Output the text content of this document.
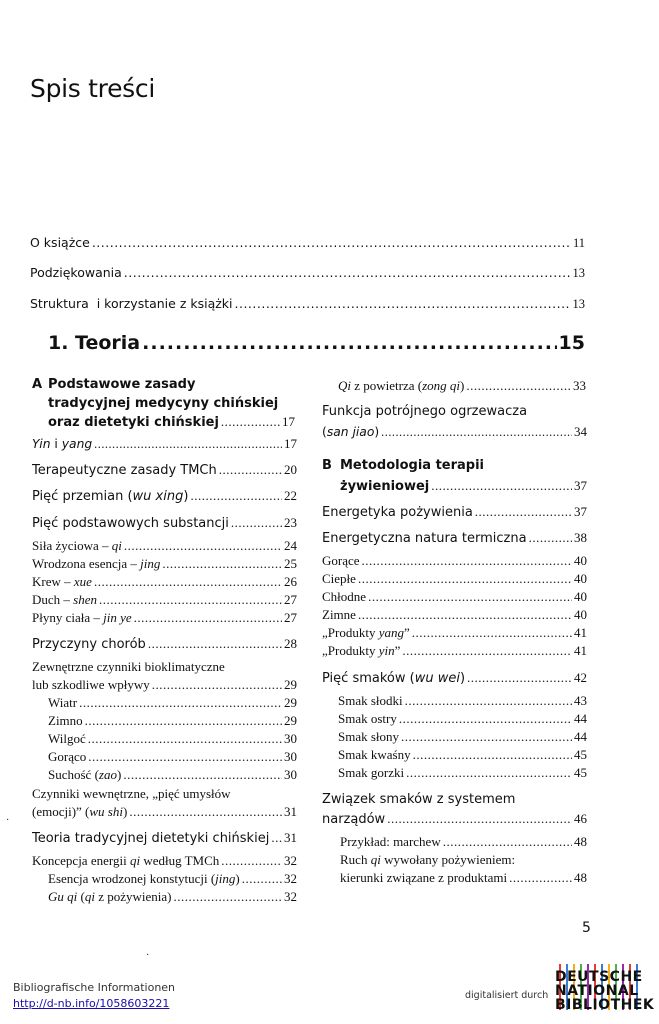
Spis treści
O książce .....	11
Podziękowania .....	13
Struktura  i korzystanie z książki .....	13
1. Teoria .....	15
A Podstawowe zasady
tradycyjnej medycyny chińskiej
oraz dietetyki chińskiej .....	17
Yin i yang .....	17
Terapeutyczne zasady TMCh .....	20
Pięć przemian (wu xing) .....	22
Pięć podstawowych substancji .....	23
Siła życiowa – qi .....	24
Wrodzona esencja – jing .....	25
Krew – xue .....	26
Duch – shen .....	27
Płyny ciała – jin ye .....	27
Przyczyny chorób .....	28
Zewnętrzne czynniki bioklimatyczne
lub szkodliwe wpływy .....	29
Wiatr .....	29
Zimno .....	29
Wilgoć .....	30
Gorąco .....	30
Suchość (zao) .....	30
Czynniki wewnętrzne, „pięć umysłów
(emocji)” (wu shi) .....	31
Teoria tradycyjnej dietetyki chińskiej ..... 31
Koncepcja energii qi według TMCh .....	32
Esencja wrodzonej konstytucji (jing) .....	32
Gu qi (qi z pożywienia) .....	32
Qi z powietrza (zong qi) .....	33
Funkcja potrójnego ogrzewacza
(san jiao) .....	34
B Metodologia terapii
żywieniowej .....	37
Energetyka pożywienia .....	37
Energetyczna natura termiczna .....	38
Gorące .....	40
Ciepłe .....	40
Chłodne .....	40
Zimne .....	40
„Produkty yang” .....	41
„Produkty yin” .....	41
Pięć smaków (wu wei) .....	42
Smak słodki .....	43
Smak ostry .....	44
Smak słony .....	44
Smak kwaśny .....	45
Smak gorzki .....	45
Związek smaków z systemem
narządów .....	46
Przykład: marchew .....	48
Ruch qi wywołany pożywieniem:
kierunki związane z produktami .....	48
5
·
·
Bibliografische Informationen
http://d-nb.info/1058603221
digitalisiert durch
DEUTSCHE
NATIONAL
BIBLIOTHEK
